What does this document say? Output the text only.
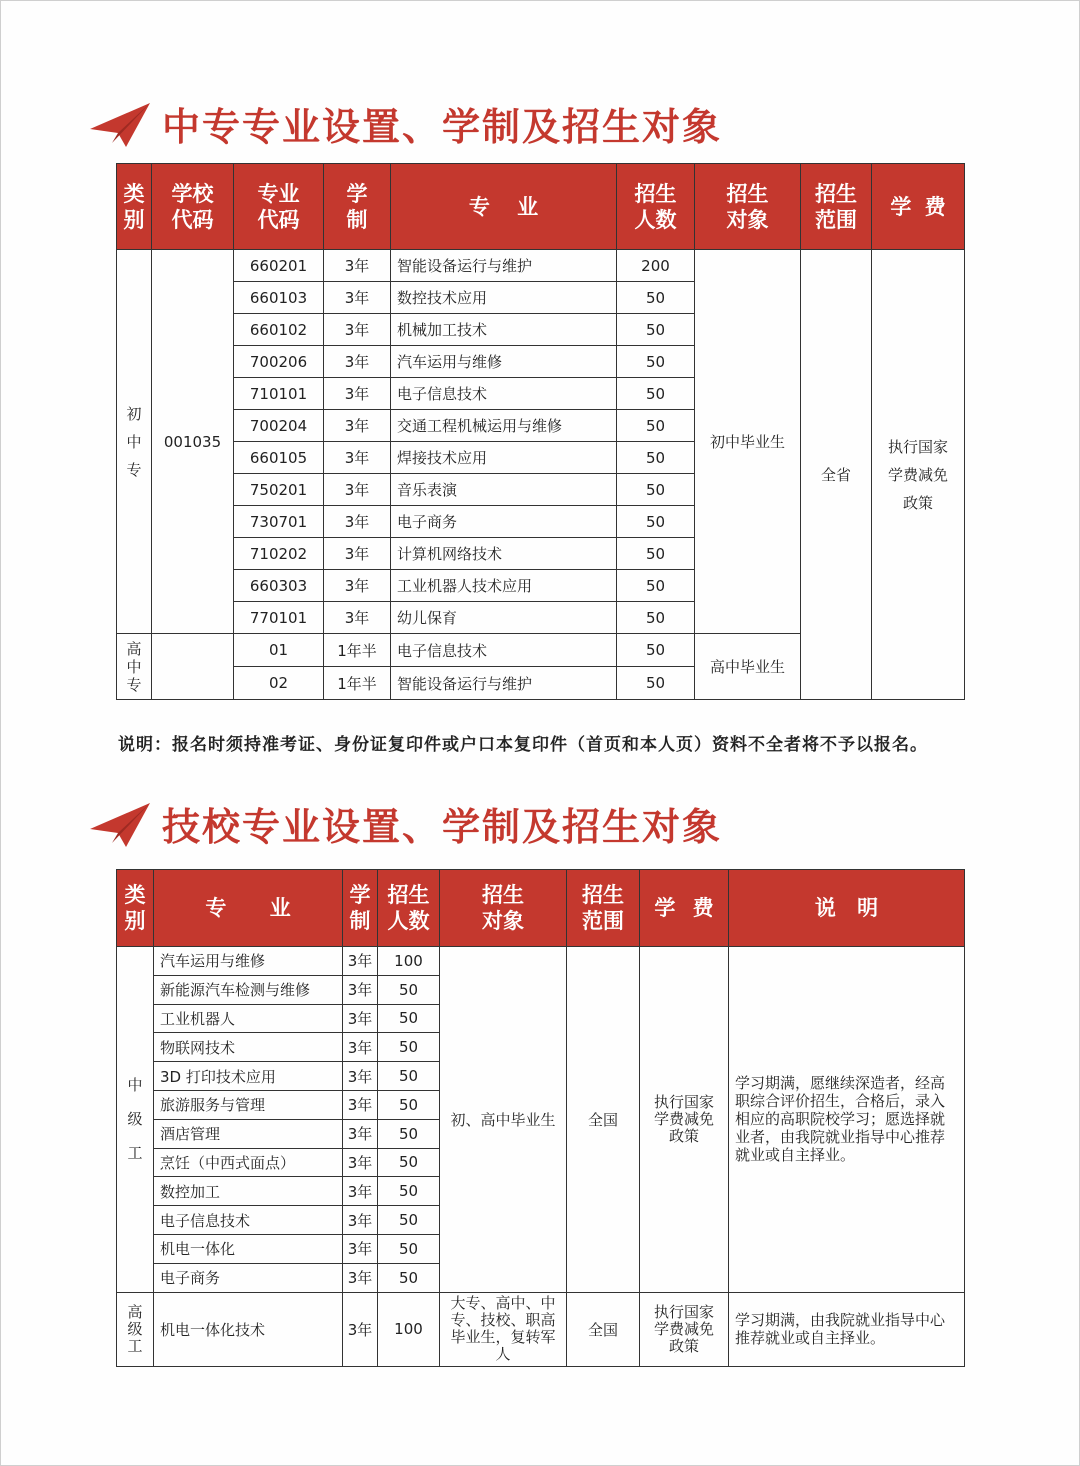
中专专业设置、学制及招生对象
类别	学校代码	专业代码	学制	专 业	招生人数	招生对象	招生范围	学 费

初中专	001035	660201	3年	智能设备运行与维护	200	初中毕业生	全省	执行国家学费减免政策

		660103	3年	数控技术应用	50			
		660102	3年	机械加工技术	50			
		700206	3年	汽车运用与维修	50			
		710101	3年	电子信息技术	50			
		700204	3年	交通工程机械运用与维修	50			
		660105	3年	焊接技术应用	50			
		750201	3年	音乐表演	50			
		730701	3年	电子商务	50			
		710202	3年	计算机网络技术	50			
		660303	3年	工业机器人技术应用	50			
		770101	3年	幼儿保育	50			

高中专		01	1年半	电子信息技术	50	高中毕业生		
		02	1年半	智能设备运行与维护	50			
说明：报名时须持准考证、身份证复印件或户口本复印件（首页和本人页）资料不全者将不予以报名。
技校专业设置、学制及招生对象
类别	专 业	学制	招生人数	招生对象	招生范围	学 费	说 明

中级工	汽车运用与维修	3年	100	初、高中毕业生	全国	执行国家学费减免政策	学习期满，愿继续深造者，经高职综合评价招生，合格后，录入相应的高职院校学习；愿选择就业者，由我院就业指导中心推荐就业或自主择业。
	新能源汽车检测与维修	3年	50				
	工业机器人	3年	50				
	物联网技术	3年	50				
	3D 打印技术应用	3年	50				
	旅游服务与管理	3年	50				
	酒店管理	3年	50				
	烹饪（中西式面点）	3年	50				
	数控加工	3年	50				
	电子信息技术	3年	50				
	机电一体化	3年	50				
	电子商务	3年	50				

高级工	机电一体化技术	3年	100	大专、高中、中专、技校、职高毕业生，复转军人	全国	执行国家学费减免政策	学习期满，由我院就业指导中心推荐就业或自主择业。
